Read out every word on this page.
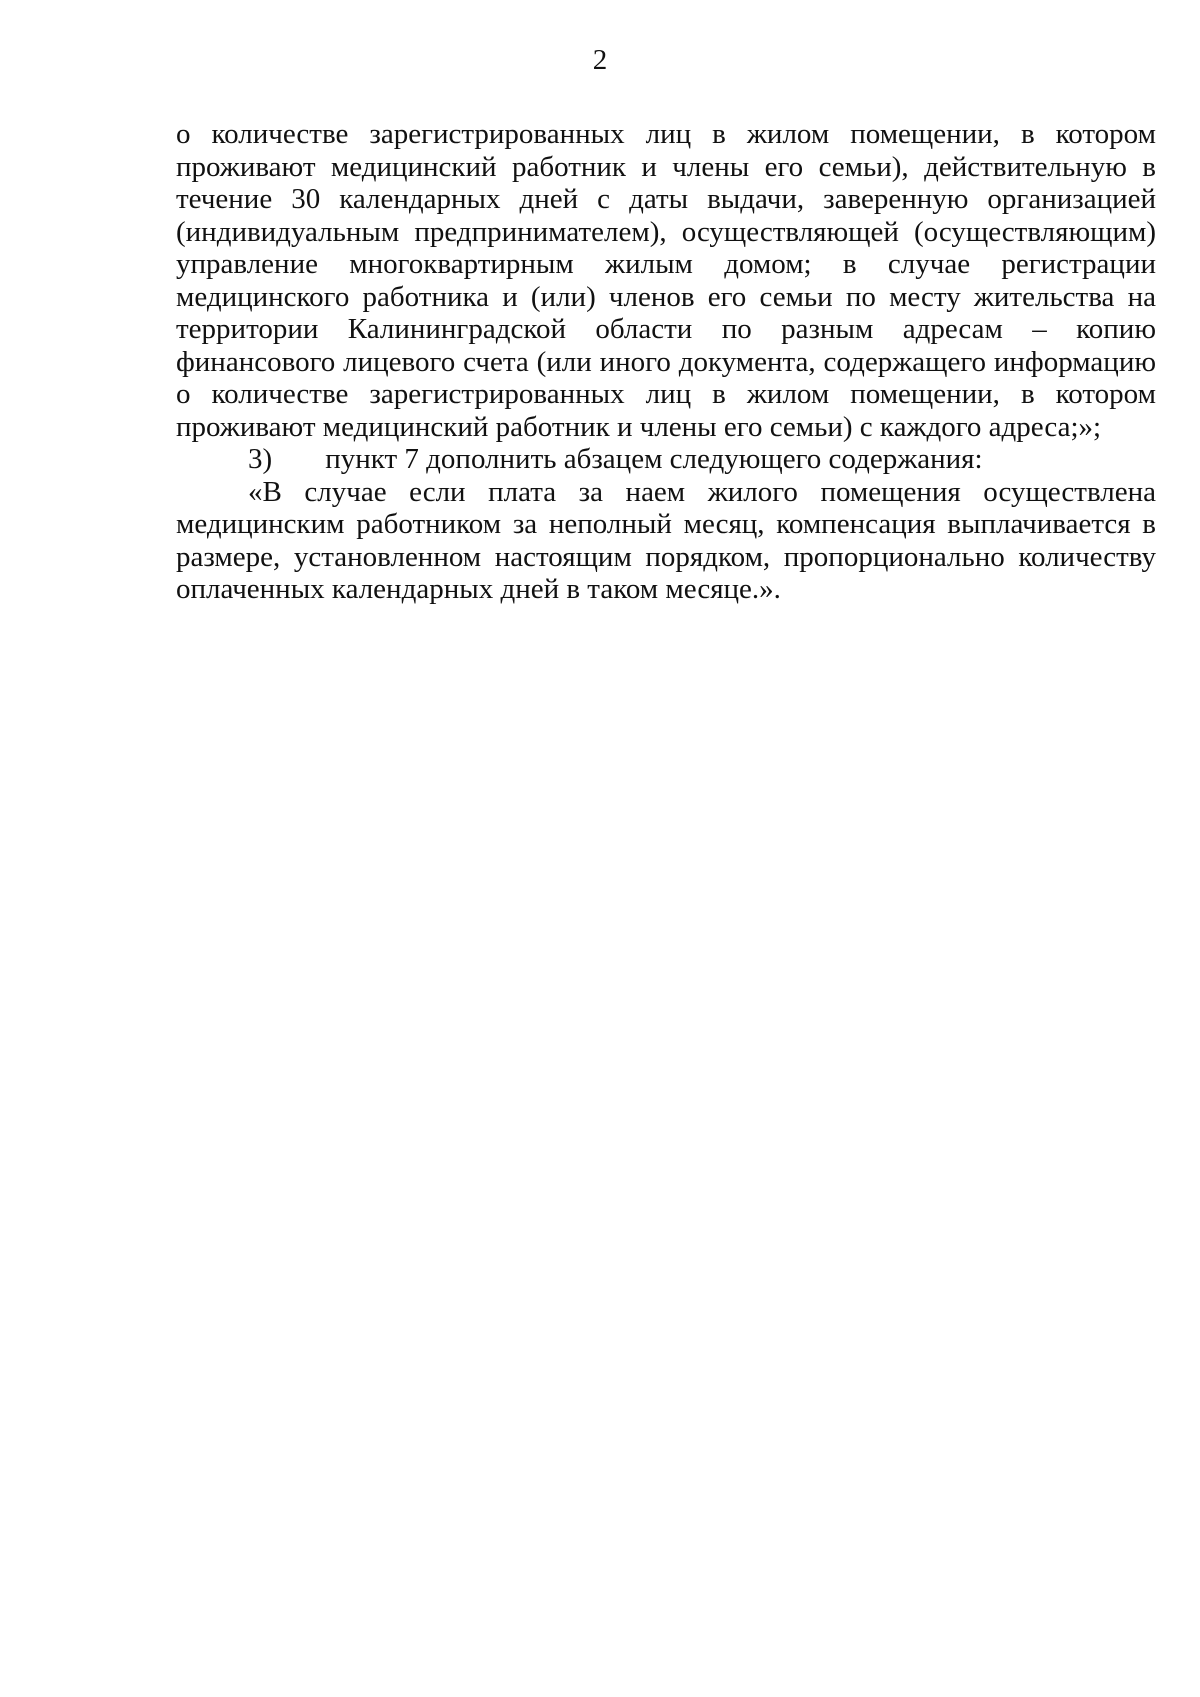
2

о количестве зарегистрированных лиц в жилом помещении, в котором проживают медицинский работник и члены его семьи), действительную в течение 30 календарных дней с даты выдачи, заверенную организацией (индивидуальным предпринимателем), осуществляющей (осуществляющим) управление многоквартирным жилым домом; в случае регистрации медицинского работника и (или) членов его семьи по месту жительства на территории Калининградской области по разным адресам – копию финансового лицевого счета (или иного документа, содержащего информацию о количестве зарегистрированных лиц в жилом помещении, в котором проживают медицинский работник и члены его семьи) с каждого адреса;»;

3) пункт 7 дополнить абзацем следующего содержания:

«В случае если плата за наем жилого помещения осуществлена медицинским работником за неполный месяц, компенсация выплачивается в размере, установленном настоящим порядком, пропорционально количеству оплаченных календарных дней в таком месяце.».
